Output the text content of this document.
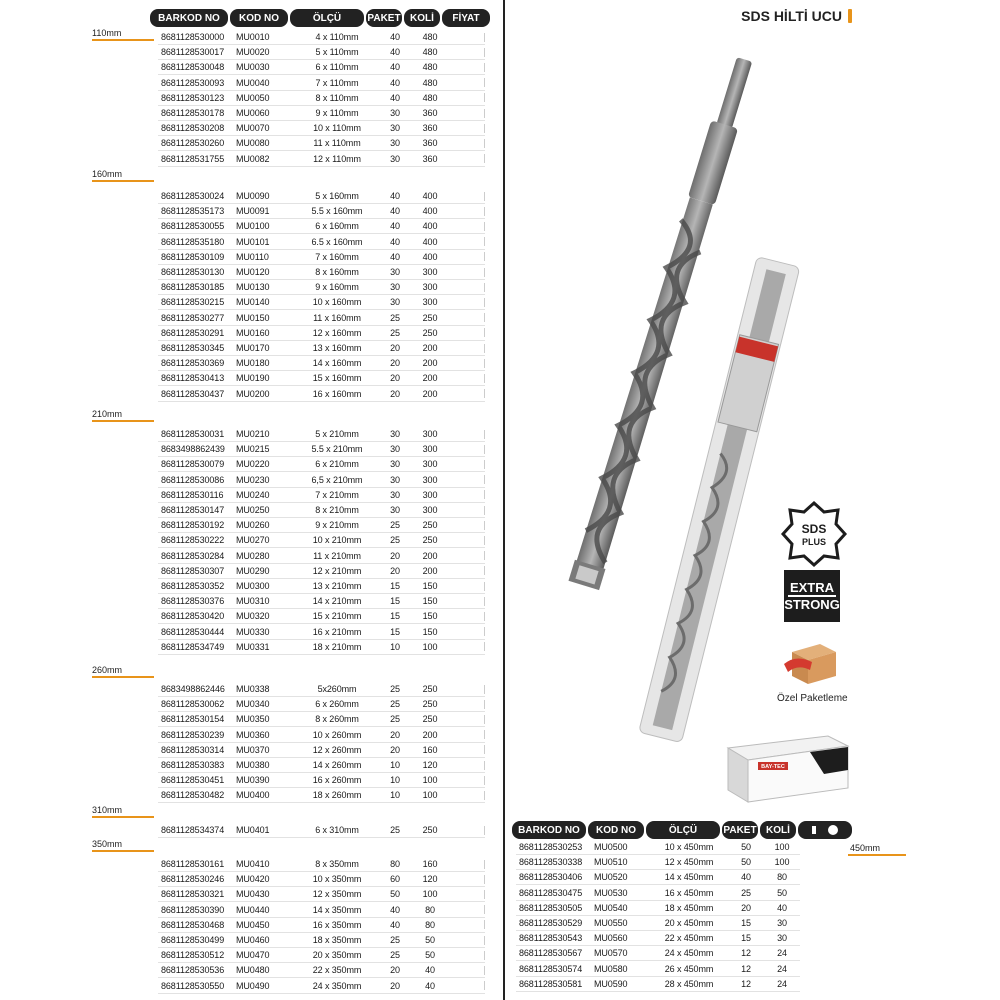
SDS HİLTİ UCU
BARKOD NO	KOD NO	ÖLÇÜ	PAKET KOLİ	FİYAT
BARKOD NO	KOD NO	ÖLÇÜ	PAKET KOLİ
110mm
160mm
210mm
260mm
310mm
350mm	450mm
8681128530000	MU0010	4 x 110mm	40	480

8681128530017	MU0020	5 x 110mm	40	480

8681128530048	MU0030	6 x 110mm	40	480

8681128530093	MU0040	7 x 110mm	40	480

8681128530123	MU0050	8 x 110mm	40	480

8681128530178	MU0060	9 x 110mm	30	360

8681128530208	MU0070	10 x 110mm	30	360

8681128530260	MU0080	11 x 110mm	30	360

8681128531755	MU0082	12 x 110mm	30	360

8681128530024	MU0090	5 x 160mm	40	400

8681128535173	MU0091	5.5 x 160mm	40	400

8681128530055	MU0100	6 x 160mm	40	400

8681128535180	MU0101	6.5 x 160mm	40	400

8681128530109	MU0110	7 x 160mm	40	400

8681128530130	MU0120	8 x 160mm	30	300

8681128530185	MU0130	9 x 160mm	30	300

8681128530215	MU0140	10 x 160mm	30	300

8681128530277	MU0150	11 x 160mm	25	250

8681128530291	MU0160	12 x 160mm	25	250

8681128530345	MU0170	13 x 160mm	20	200

8681128530369	MU0180	14 x 160mm	20	200

8681128530413	MU0190	15 x 160mm	20	200

8681128530437	MU0200	16 x 160mm	20	200

8681128530031	MU0210	5 x 210mm	30	300

8683498862439	MU0215	5.5 x 210mm	30	300

8681128530079	MU0220	6 x 210mm	30	300

8681128530086	MU0230	6,5 x 210mm	30	300

8681128530116	MU0240	7 x 210mm	30	300

8681128530147	MU0250	8 x 210mm	30	300

8681128530192	MU0260	9 x 210mm	25	250

8681128530222	MU0270	10 x 210mm	25	250

8681128530284	MU0280	11 x 210mm	20	200

8681128530307	MU0290	12 x 210mm	20	200

8681128530352	MU0300	13 x 210mm	15	150

8681128530376	MU0310	14 x 210mm	15	150

8681128530420	MU0320	15 x 210mm	15	150

8681128530444	MU0330	16 x 210mm	15	150

8681128534749	MU0331	18 x 210mm	10	100

8683498862446	MU0338	5x260mm	25	250

8681128530062	MU0340	6 x 260mm	25	250

8681128530154	MU0350	8 x 260mm	25	250

8681128530239	MU0360	10 x 260mm	20	200

8681128530314	MU0370	12 x 260mm	20	160

8681128530383	MU0380	14 x 260mm	10	120

8681128530451	MU0390	16 x 260mm	10	100

8681128530482	MU0400	18 x 260mm	10	100

8681128534374	MU0401	6 x 310mm	25	250

8681128530161	MU0410	8 x 350mm	80	160

8681128530246	MU0420	10 x 350mm	60	120

8681128530321	MU0430	12 x 350mm	50	100

8681128530390	MU0440	14 x 350mm	40	80

8681128530468	MU0450	16 x 350mm	40	80

8681128530499	MU0460	18 x 350mm	25	50

8681128530512	MU0470	20 x 350mm	25	50

8681128530536	MU0480	22 x 350mm	20	40

8681128530550	MU0490	24 x 350mm	20	40

8681128530253	MU0500	10 x 450mm	50	100
8681128530338	MU0510	12 x 450mm	50	100
8681128530406	MU0520	14 x 450mm	40	80
8681128530475	MU0530	16 x 450mm	25	50
8681128530505	MU0540	18 x 450mm	20	40
8681128530529	MU0550	20 x 450mm	15	30
8681128530543	MU0560	22 x 450mm	15	30
8681128530567	MU0570	24 x 450mm	12	24
8681128530574	MU0580	26 x 450mm	12	24
8681128530581	MU0590	28 x 450mm	12	24
SDS
PLUS
EXTRA
STRONG
Özel Paketleme
BAY-TEC
